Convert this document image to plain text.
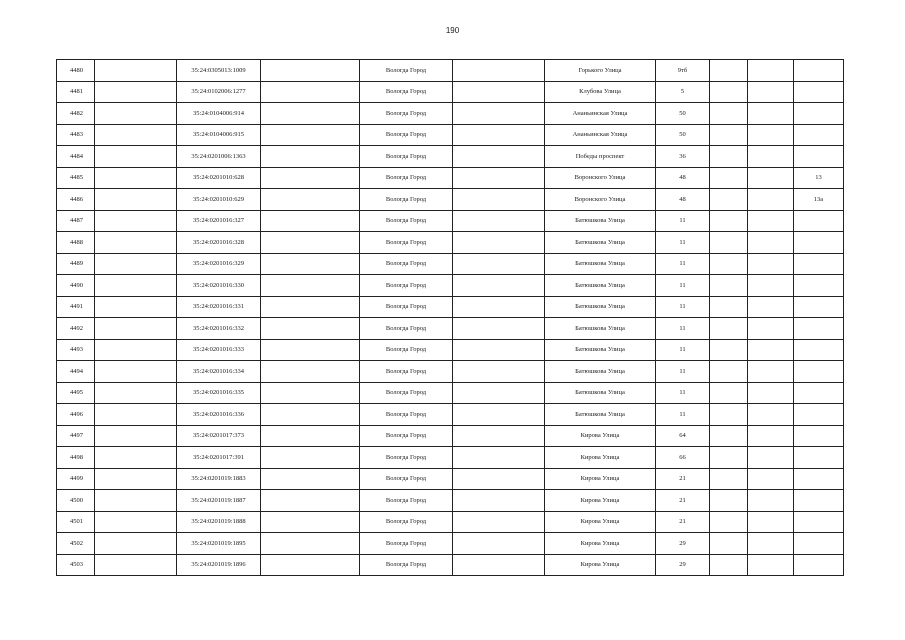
190
4480		35:24:0305013:1009		Вологда Город		Горького Улица	9тб			
4481		35:24:0102006:1277		Вологда Город		Клубова Улица	5			
4482		35:24:0104006:914		Вологда Город		Ананьинская Улица	50			
4483		35:24:0104006:915		Вологда Город		Ананьинская Улица	50			
4484		35:24:0201006:1363		Вологда Город		Победы проспект	36			
4485		35:24:0201010:628		Вологда Город		Воронского Улица	48			13
4486		35:24:0201010:629		Вологда Город		Воронского Улица	48			13а
4487		35:24:0201016:327		Вологда Город		Батюшкова Улица	11			
4488		35:24:0201016:328		Вологда Город		Батюшкова Улица	11			
4489		35:24:0201016:329		Вологда Город		Батюшкова Улица	11			
4490		35:24:0201016:330		Вологда Город		Батюшкова Улица	11			
4491		35:24:0201016:331		Вологда Город		Батюшкова Улица	11			
4492		35:24:0201016:332		Вологда Город		Батюшкова Улица	11			
4493		35:24:0201016:333		Вологда Город		Батюшкова Улица	11			
4494		35:24:0201016:334		Вологда Город		Батюшкова Улица	11			
4495		35:24:0201016:335		Вологда Город		Батюшкова Улица	11			
4496		35:24:0201016:336		Вологда Город		Батюшкова Улица	11			
4497		35:24:0201017:373		Вологда Город		Кирова Улица	64			
4498		35:24:0201017:391		Вологда Город		Кирова Улица	66			
4499		35:24:0201019:1883		Вологда Город		Кирова Улица	21			
4500		35:24:0201019:1887		Вологда Город		Кирова Улица	21			
4501		35:24:0201019:1888		Вологда Город		Кирова Улица	21			
4502		35:24:0201019:1895		Вологда Город		Кирова Улица	29			
4503		35:24:0201019:1896		Вологда Город		Кирова Улица	29			
